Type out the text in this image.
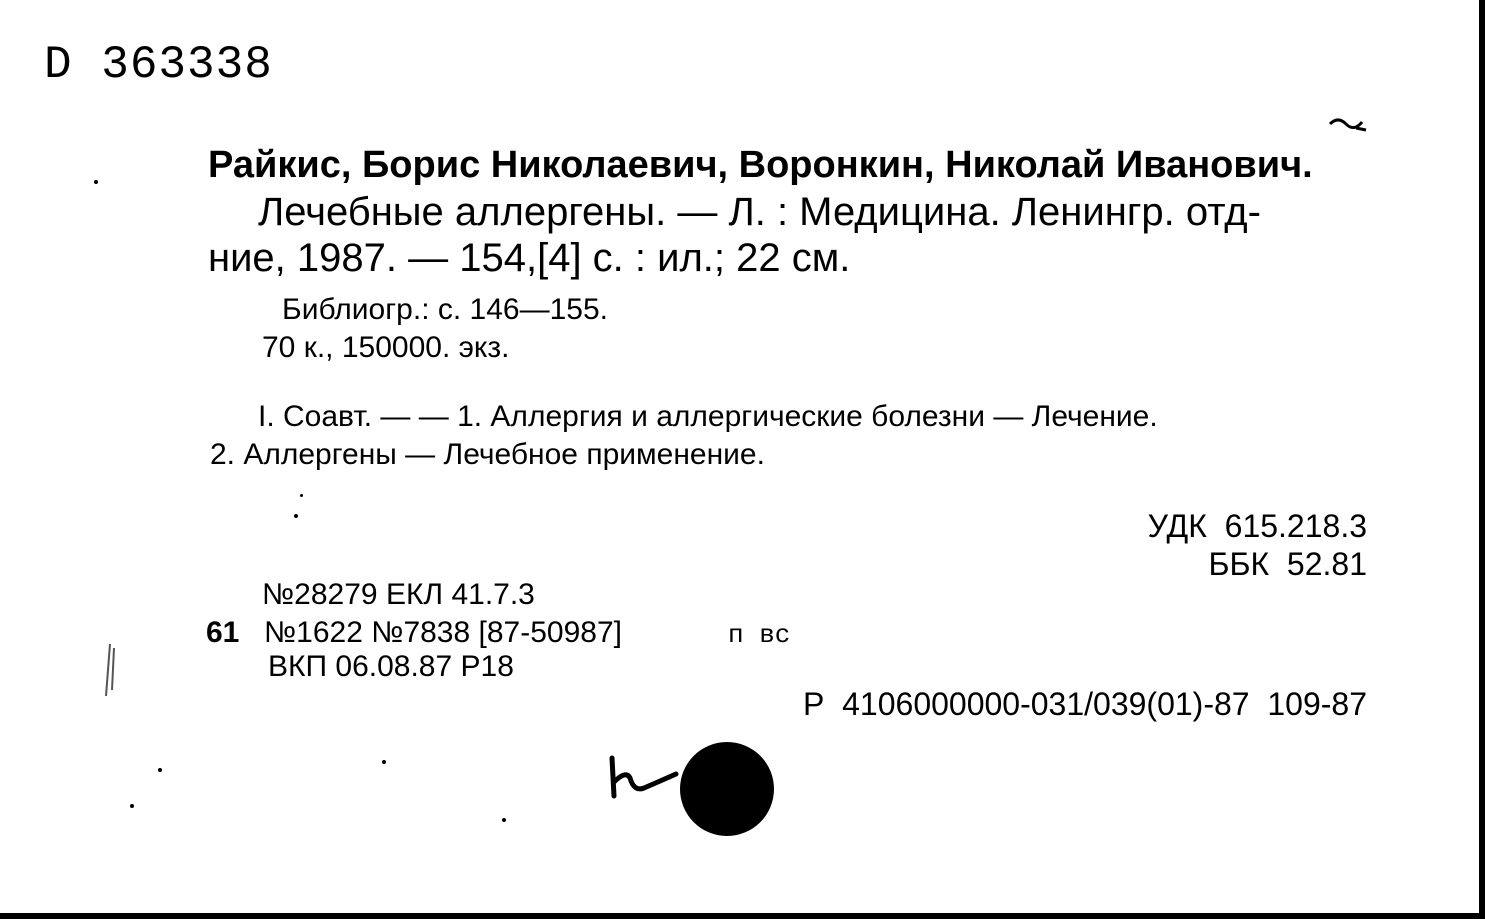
D 363338
Райкис, Борис Николаевич, Воронкин, Николай Иванович.
Лечебные аллергены. — Л. : Медицина. Ленингр. отд-
ние, 1987. — 154,[4] с. : ил.; 22 см.
Библиогр.: с. 146—155.
70 к., 150000. экз.
I. Соавт. — — 1. Аллергия и аллергические болезни — Лечение.
2. Аллергены — Лечебное применение.
УДК  615.218.3
ББК  52.81
№28279 ЕКЛ 41.7.3
61 №1622 №7838 [87-50987]	п вс
ВКП 06.08.87 Р18
Р  4106000000-031/039(01)-87  109-87
